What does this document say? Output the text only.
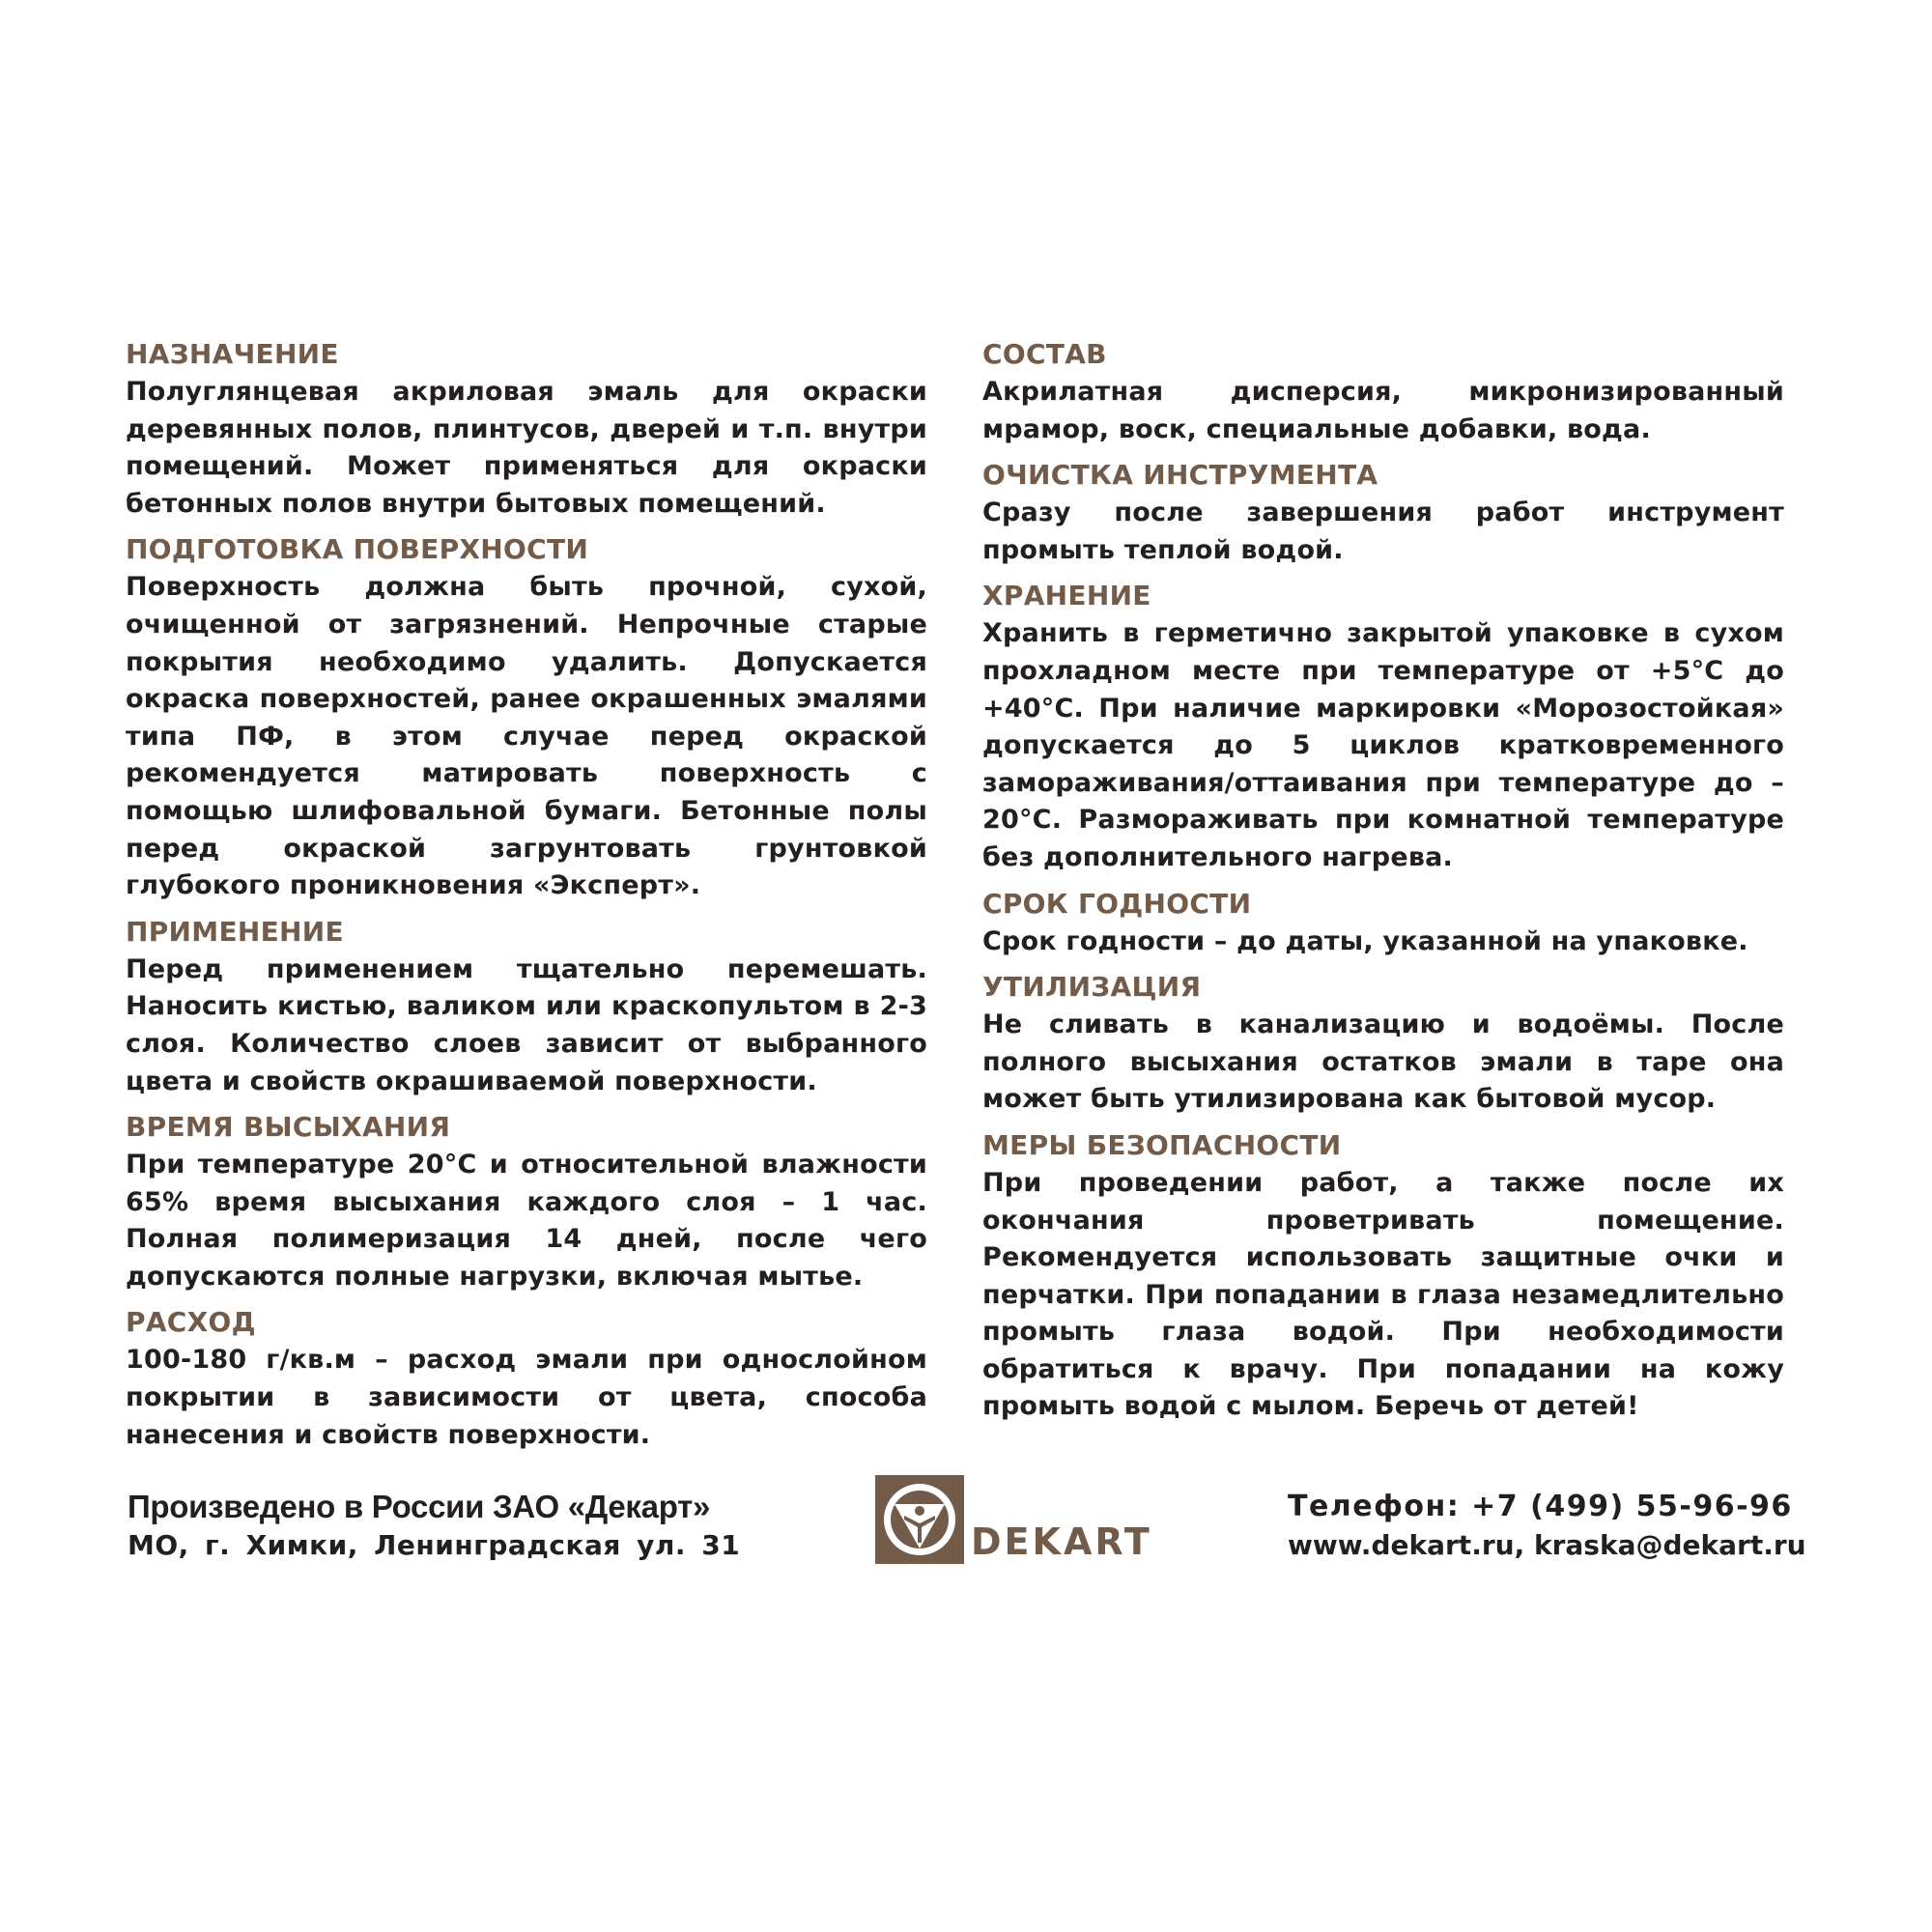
НАЗНАЧЕНИЕ

Полуглянцевая акриловая эмаль для окраски деревянных полов, плинтусов, дверей и т.п. внутри помещений. Может применяться для окраски бетонных полов внутри бытовых помещений.

ПОДГОТОВКА ПОВЕРХНОСТИ

Поверхность должна быть прочной, сухой, очищенной от загрязнений. Непрочные старые покрытия необходимо удалить. Допускается окраска поверхностей, ранее окрашенных эмалями типа ПФ, в этом случае перед окраской рекомендуется матировать поверхность с помощью шлифовальной бумаги. Бетонные полы перед окраской загрунтовать грунтовкой глубокого проникновения «Эксперт».

ПРИМЕНЕНИЕ

Перед применением тщательно перемешать. Наносить кистью, валиком или краскопультом в 2-3 слоя. Количество слоев зависит от выбранного цвета и свойств окрашиваемой поверхности.

ВРЕМЯ ВЫСЫХАНИЯ

При температуре 20°С и относительной влажности 65% время высыхания каждого слоя – 1 час. Полная полимеризация 14 дней, после чего допускаются полные нагрузки, включая мытье.

РАСХОД

100-180 г/кв.м – расход эмали при однослойном покрытии в зависимости от цвета, способа нанесения и свойств поверхности.

СОСТАВ

Акрилатная дисперсия, микронизированный мрамор, воск, специальные добавки, вода.

ОЧИСТКА ИНСТРУМЕНТА

Сразу после завершения работ инструмент промыть теплой водой.

ХРАНЕНИЕ

Хранить в герметично закрытой упаковке в сухом прохладном месте при температуре от +5°С до +40°С. При наличие маркировки «Морозостойкая» допускается до 5 циклов кратковременного замораживания/оттаивания при температуре до – 20°С. Размораживать при комнатной температуре без дополнительного нагрева.

СРОК ГОДНОСТИ

Срок годности – до даты, указанной на упаковке.

УТИЛИЗАЦИЯ

Не сливать в канализацию и водоёмы. После полного высыхания остатков эмали в таре она может быть утилизирована как бытовой мусор.

МЕРЫ БЕЗОПАСНОСТИ

При проведении работ, а также после их окончания проветривать помещение. Рекомендуется использовать защитные очки и перчатки. При попадании в глаза незамедлительно промыть глаза водой. При необходимости обратиться к врачу. При попадании на кожу промыть водой с мылом. Беречь от детей!

Произведено в России ЗАО «Декарт»
МО, г. Химки, Ленинградская ул. 31	DEKART
Телефон: +7 (499) 55-96-96
www.dekart.ru, kraska@dekart.ru
